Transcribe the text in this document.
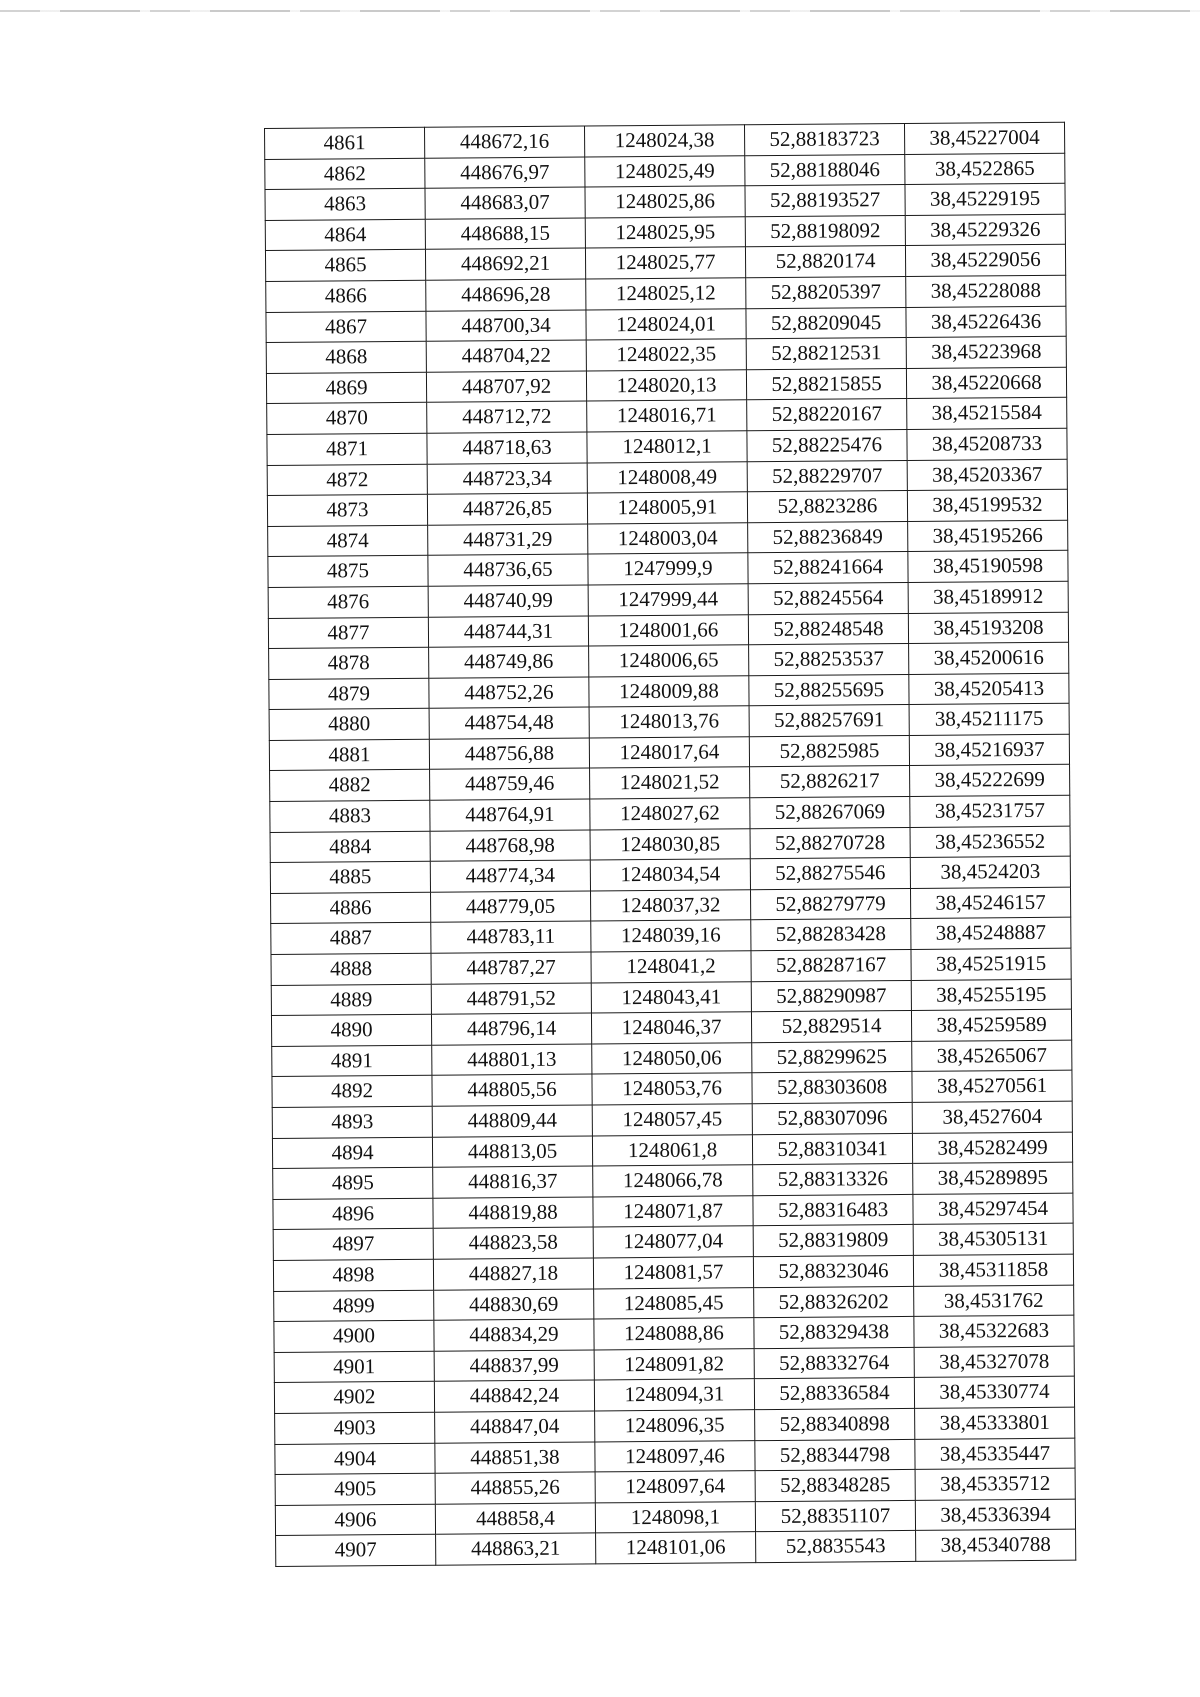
4861	448672,16	1248024,38	52,88183723	38,45227004
4862	448676,97	1248025,49	52,88188046	38,4522865
4863	448683,07	1248025,86	52,88193527	38,45229195
4864	448688,15	1248025,95	52,88198092	38,45229326
4865	448692,21	1248025,77	52,8820174	38,45229056
4866	448696,28	1248025,12	52,88205397	38,45228088
4867	448700,34	1248024,01	52,88209045	38,45226436
4868	448704,22	1248022,35	52,88212531	38,45223968
4869	448707,92	1248020,13	52,88215855	38,45220668
4870	448712,72	1248016,71	52,88220167	38,45215584
4871	448718,63	1248012,1	52,88225476	38,45208733
4872	448723,34	1248008,49	52,88229707	38,45203367
4873	448726,85	1248005,91	52,8823286	38,45199532
4874	448731,29	1248003,04	52,88236849	38,45195266
4875	448736,65	1247999,9	52,88241664	38,45190598
4876	448740,99	1247999,44	52,88245564	38,45189912
4877	448744,31	1248001,66	52,88248548	38,45193208
4878	448749,86	1248006,65	52,88253537	38,45200616
4879	448752,26	1248009,88	52,88255695	38,45205413
4880	448754,48	1248013,76	52,88257691	38,45211175
4881	448756,88	1248017,64	52,8825985	38,45216937
4882	448759,46	1248021,52	52,8826217	38,45222699
4883	448764,91	1248027,62	52,88267069	38,45231757
4884	448768,98	1248030,85	52,88270728	38,45236552
4885	448774,34	1248034,54	52,88275546	38,4524203
4886	448779,05	1248037,32	52,88279779	38,45246157
4887	448783,11	1248039,16	52,88283428	38,45248887
4888	448787,27	1248041,2	52,88287167	38,45251915
4889	448791,52	1248043,41	52,88290987	38,45255195
4890	448796,14	1248046,37	52,8829514	38,45259589
4891	448801,13	1248050,06	52,88299625	38,45265067
4892	448805,56	1248053,76	52,88303608	38,45270561
4893	448809,44	1248057,45	52,88307096	38,4527604
4894	448813,05	1248061,8	52,88310341	38,45282499
4895	448816,37	1248066,78	52,88313326	38,45289895
4896	448819,88	1248071,87	52,88316483	38,45297454
4897	448823,58	1248077,04	52,88319809	38,45305131
4898	448827,18	1248081,57	52,88323046	38,45311858
4899	448830,69	1248085,45	52,88326202	38,4531762
4900	448834,29	1248088,86	52,88329438	38,45322683
4901	448837,99	1248091,82	52,88332764	38,45327078
4902	448842,24	1248094,31	52,88336584	38,45330774
4903	448847,04	1248096,35	52,88340898	38,45333801
4904	448851,38	1248097,46	52,88344798	38,45335447
4905	448855,26	1248097,64	52,88348285	38,45335712
4906	448858,4	1248098,1	52,88351107	38,45336394
4907	448863,21	1248101,06	52,8835543	38,45340788
